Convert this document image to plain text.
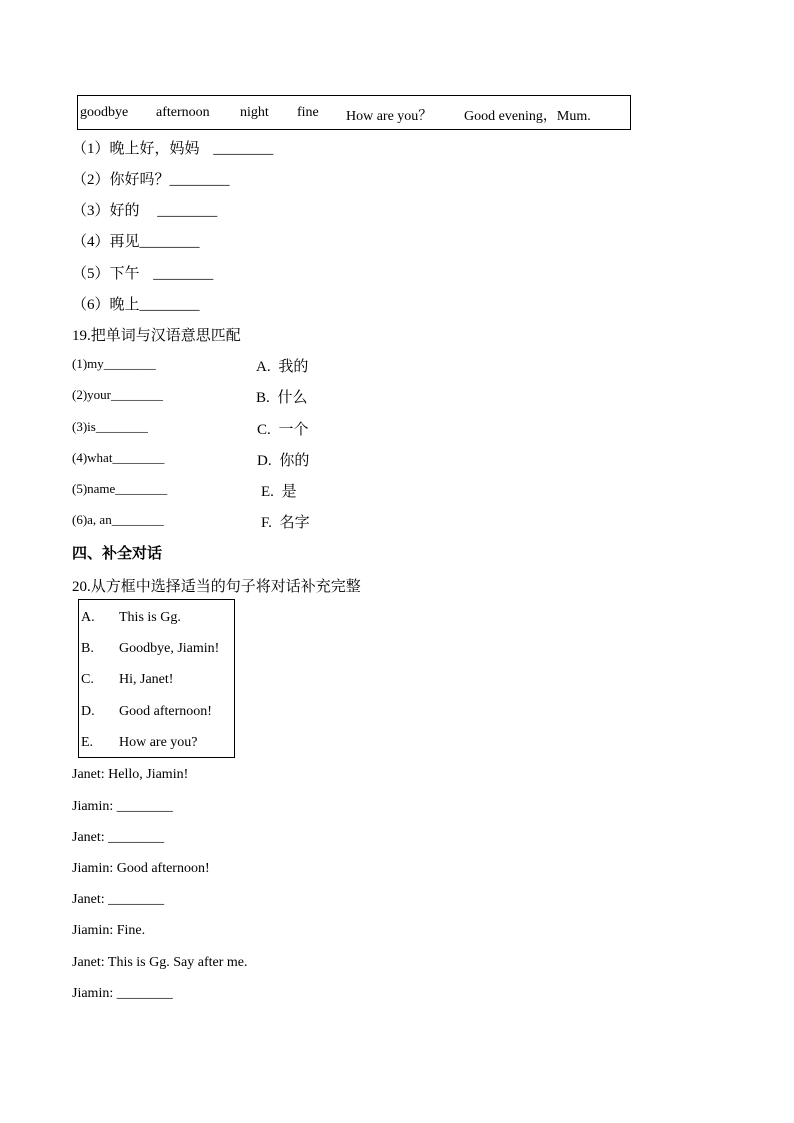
goodbye afternoon night fine How are you？ Good evening，Mum.
（1）晚上好，妈妈 ________
（2）你好吗？________
（3）好的 ________
（4）再见________
（5）下午 ________
（6）晚上________
19.把单词与汉语意思匹配
(1)my________
(2)your________
(3)is________
(4)what________
(5)name________
(6)a, an________
A. 我的
B. 什么
C. 一个
D. 你的
E. 是
F. 名字
四、补全对话
20.从方框中选择适当的句子将对话补充完整
A. This is Gg.
B. Goodbye, Jiamin!
C. Hi, Janet!
D. Good afternoon!
E. How are you?
Janet: Hello, Jiamin!
Jiamin: ________
Janet: ________
Jiamin: Good afternoon!
Janet: ________
Jiamin: Fine.
Janet: This is Gg. Say after me.
Jiamin: ________
